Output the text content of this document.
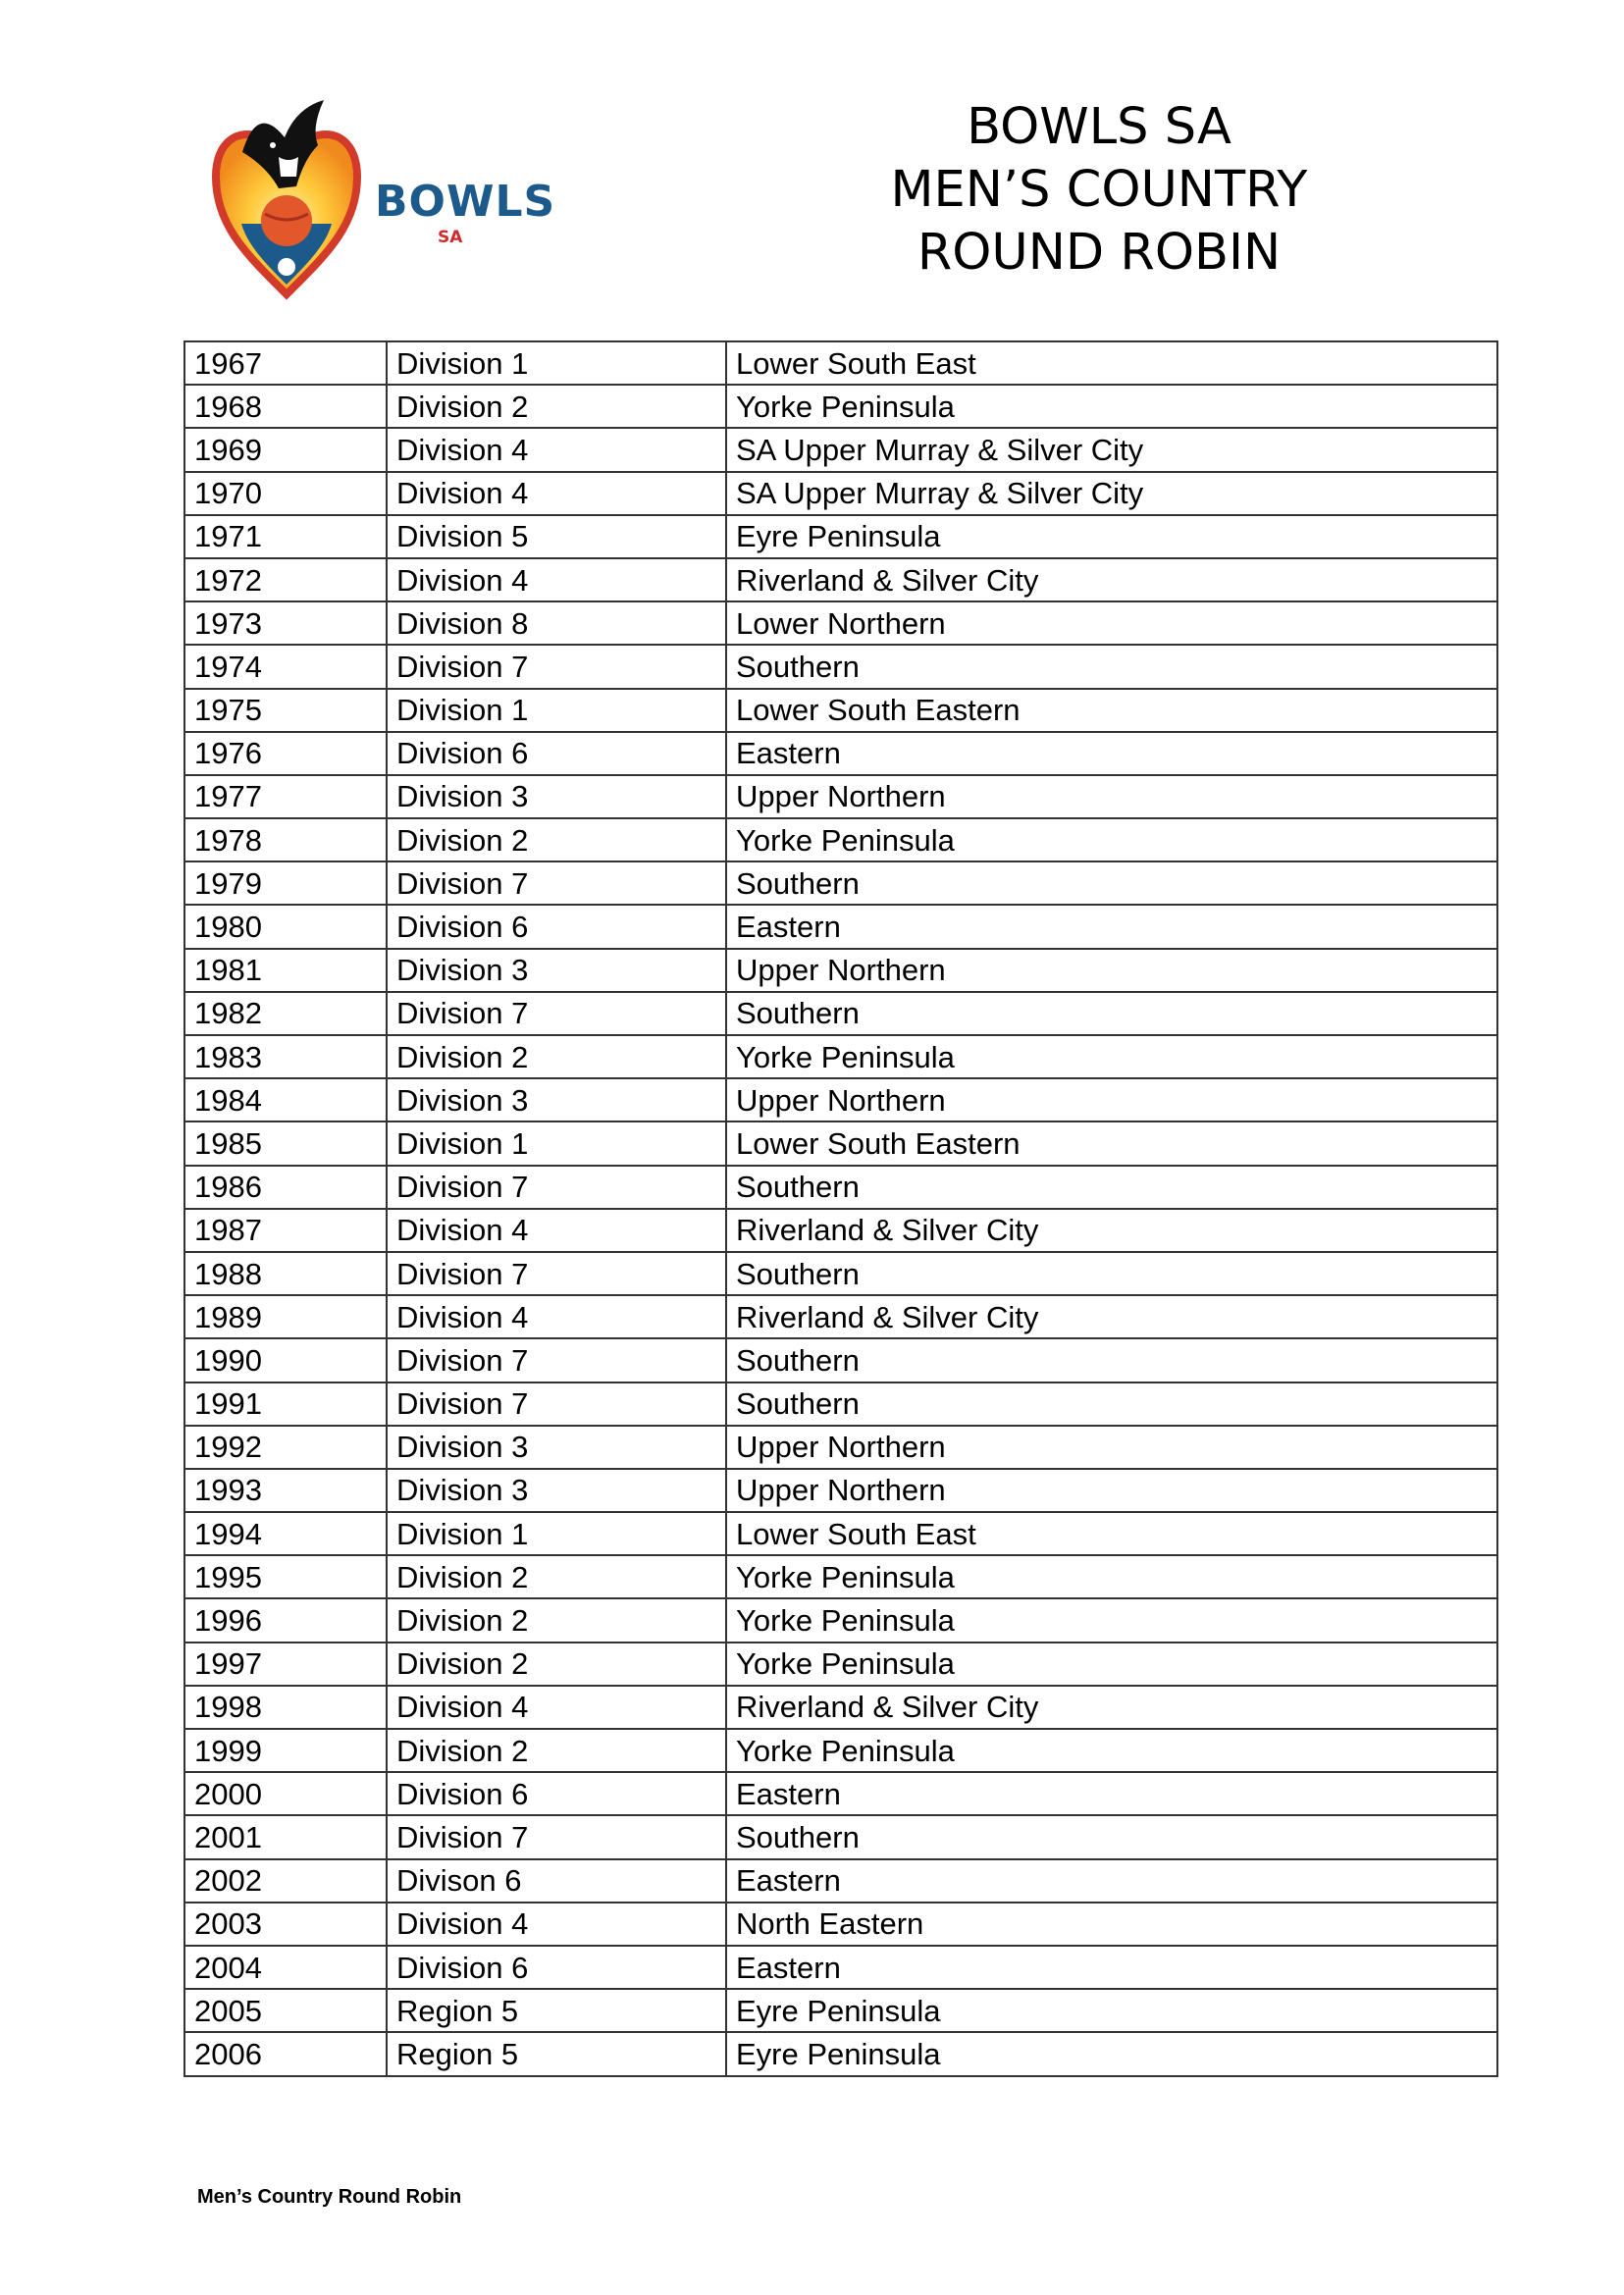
BOWLS
SA
BOWLS SA
MEN’S COUNTRY
ROUND ROBIN
1967	Division 1	Lower South East
1968	Division 2	Yorke Peninsula
1969	Division 4	SA Upper Murray & Silver City
1970	Division 4	SA Upper Murray & Silver City
1971	Division 5	Eyre Peninsula
1972	Division 4	Riverland & Silver City
1973	Division 8	Lower Northern
1974	Division 7	Southern
1975	Division 1	Lower South Eastern
1976	Division 6	Eastern
1977	Division 3	Upper Northern
1978	Division 2	Yorke Peninsula
1979	Division 7	Southern
1980	Division 6	Eastern
1981	Division 3	Upper Northern
1982	Division 7	Southern
1983	Division 2	Yorke Peninsula
1984	Division 3	Upper Northern
1985	Division 1	Lower South Eastern
1986	Division 7	Southern
1987	Division 4	Riverland & Silver City
1988	Division 7	Southern
1989	Division 4	Riverland & Silver City
1990	Division 7	Southern
1991	Division 7	Southern
1992	Division 3	Upper Northern
1993	Division 3	Upper Northern
1994	Division 1	Lower South East
1995	Division 2	Yorke Peninsula
1996	Division 2	Yorke Peninsula
1997	Division 2	Yorke Peninsula
1998	Division 4	Riverland & Silver City
1999	Division 2	Yorke Peninsula
2000	Division 6	Eastern
2001	Division 7	Southern
2002	Divison 6	Eastern
2003	Division 4	North Eastern
2004	Division 6	Eastern
2005	Region 5	Eyre Peninsula
2006	Region 5	Eyre Peninsula
Men’s Country Round Robin
